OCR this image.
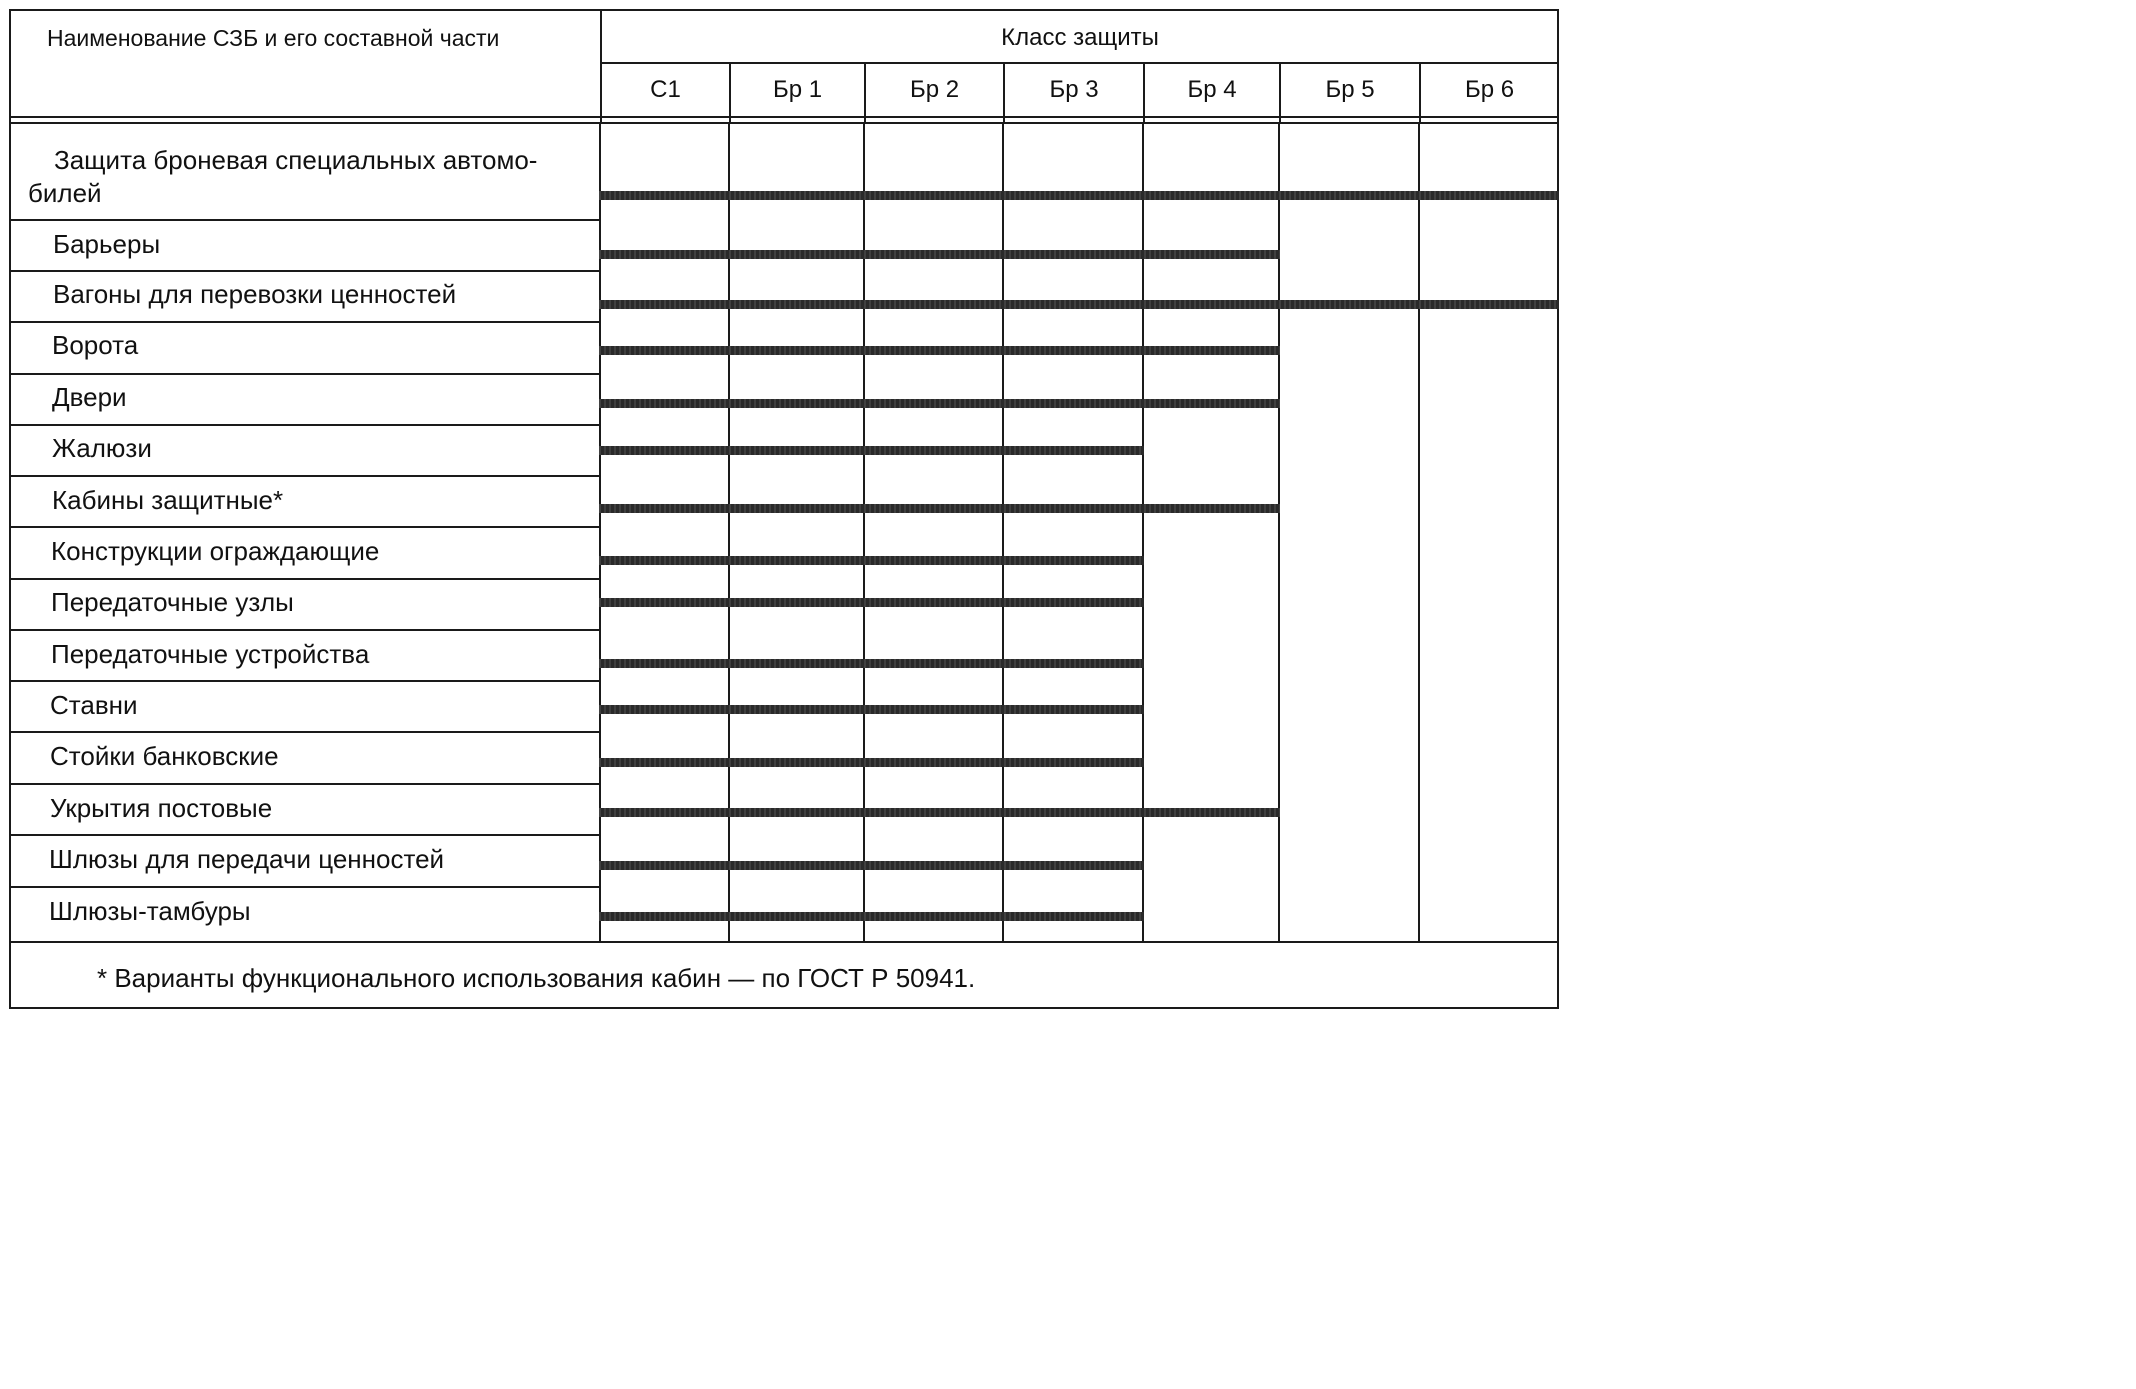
Наименование СЗБ и его составной части	Класс защиты
С1	Бр 1	Бр 2	Бр 3	Бр 4	Бр 5	Бр 6
Защита броневая специальных автомо-
билей
Барьеры
Вагоны для перевозки ценностей
Ворота
Двери
Жалюзи
Кабины защитные*
Конструкции ограждающие
Передаточные узлы
Передаточные устройства
Ставни
Стойки банковские
Укрытия постовые
Шлюзы для передачи ценностей
Шлюзы-тамбуры
* Варианты функционального использования кабин — по ГОСТ Р 50941.
